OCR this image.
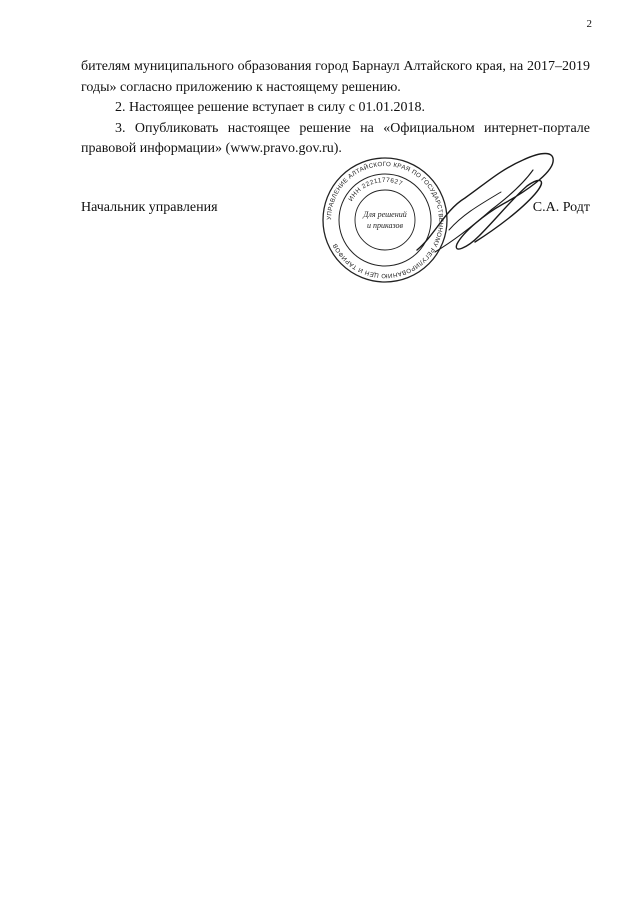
2

бителям муниципального образования город Барнаул Алтайского края, на 2017–2019 годы» согласно приложению к настоящему решению.

2. Настоящее решение вступает в силу с 01.01.2018.

3. Опубликовать настоящее решение на «Официальном интернет-портале правовой информации» (www.pravo.gov.ru).

Начальник управления	С.А. Родт
УПРАВЛЕНИЕ АЛТАЙСКОГО КРАЯ ПО ГОСУДАРСТВЕННОМУ РЕГУЛИРОВАНИЮ ЦЕН И ТАРИФОВ
ИНН 2221177627
Для решений
и приказов
